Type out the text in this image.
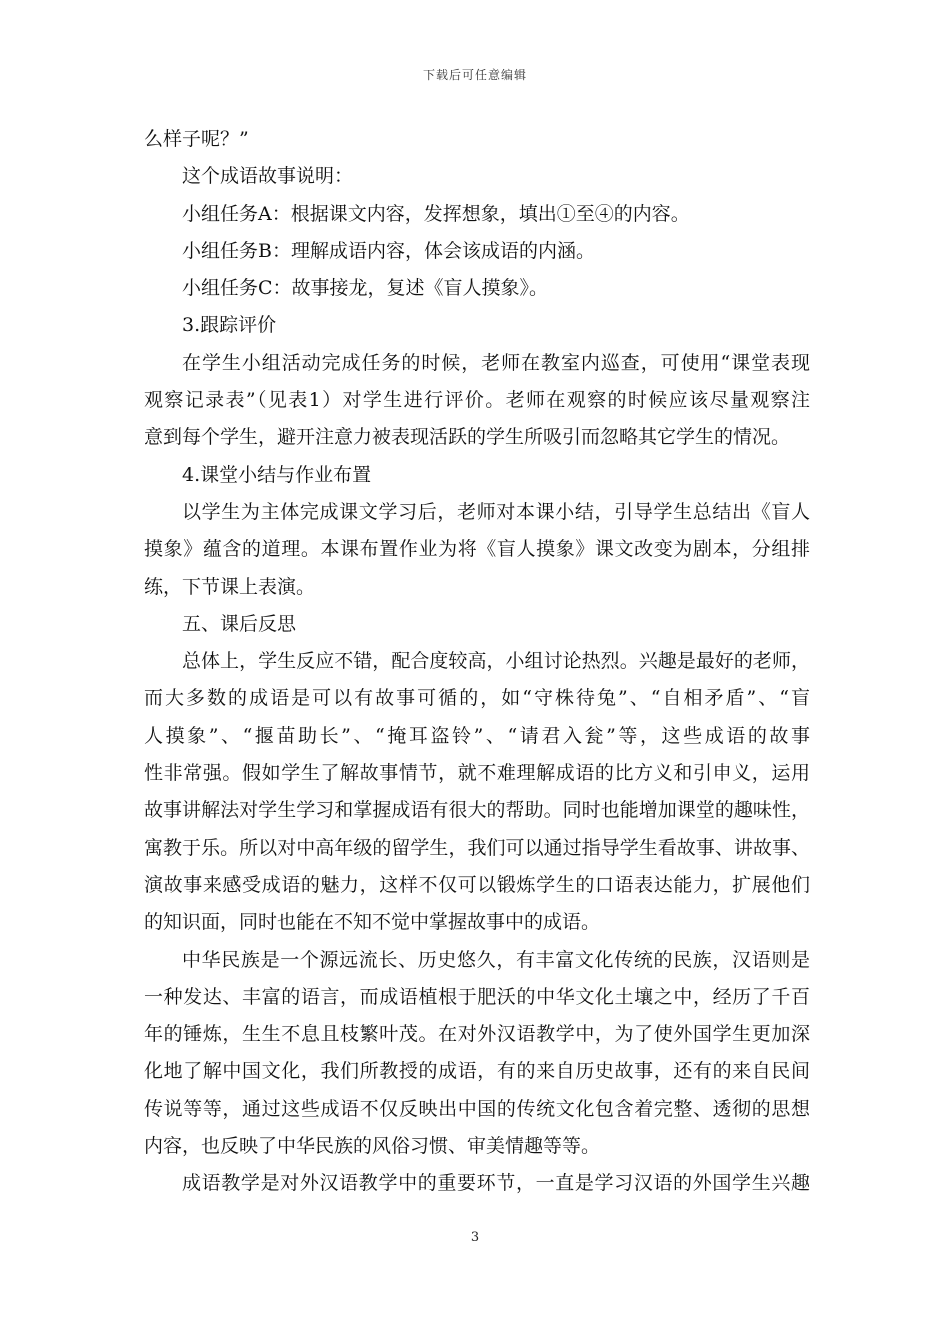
下载后可任意编辑
么样子呢？”
这个成语故事说明：
小组任务A：根据课文内容，发挥想象，填出①至④的内容。
小组任务B：理解成语内容，体会该成语的内涵。
小组任务C：故事接龙，复述《盲人摸象》。
3.跟踪评价
在学生小组活动完成任务的时候，老师在教室内巡查，可使用“课堂表现
观察记录表”（见表1）对学生进行评价。老师在观察的时候应该尽量观察注
意到每个学生，避开注意力被表现活跃的学生所吸引而忽略其它学生的情况。
4.课堂小结与作业布置
以学生为主体完成课文学习后，老师对本课小结，引导学生总结出《盲人
摸象》蕴含的道理。本课布置作业为将《盲人摸象》课文改变为剧本，分组排
练，下节课上表演。
五、课后反思
总体上，学生反应不错，配合度较高，小组讨论热烈。兴趣是最好的老师，
而大多数的成语是可以有故事可循的，如“守株待兔”、“自相矛盾”、“盲
人摸象”、“揠苗助长”、“掩耳盗铃”、“请君入瓮”等，这些成语的故事
性非常强。假如学生了解故事情节，就不难理解成语的比方义和引申义，运用
故事讲解法对学生学习和掌握成语有很大的帮助。同时也能增加课堂的趣味性，
寓教于乐。所以对中高年级的留学生，我们可以通过指导学生看故事、讲故事、
演故事来感受成语的魅力，这样不仅可以锻炼学生的口语表达能力，扩展他们
的知识面，同时也能在不知不觉中掌握故事中的成语。
中华民族是一个源远流长、历史悠久，有丰富文化传统的民族，汉语则是
一种发达、丰富的语言，而成语植根于肥沃的中华文化土壤之中，经历了千百
年的锤炼，生生不息且枝繁叶茂。在对外汉语教学中，为了使外国学生更加深
化地了解中国文化，我们所教授的成语，有的来自历史故事，还有的来自民间
传说等等，通过这些成语不仅反映出中国的传统文化包含着完整、透彻的思想
内容，也反映了中华民族的风俗习惯、审美情趣等等。
成语教学是对外汉语教学中的重要环节，一直是学习汉语的外国学生兴趣
3
